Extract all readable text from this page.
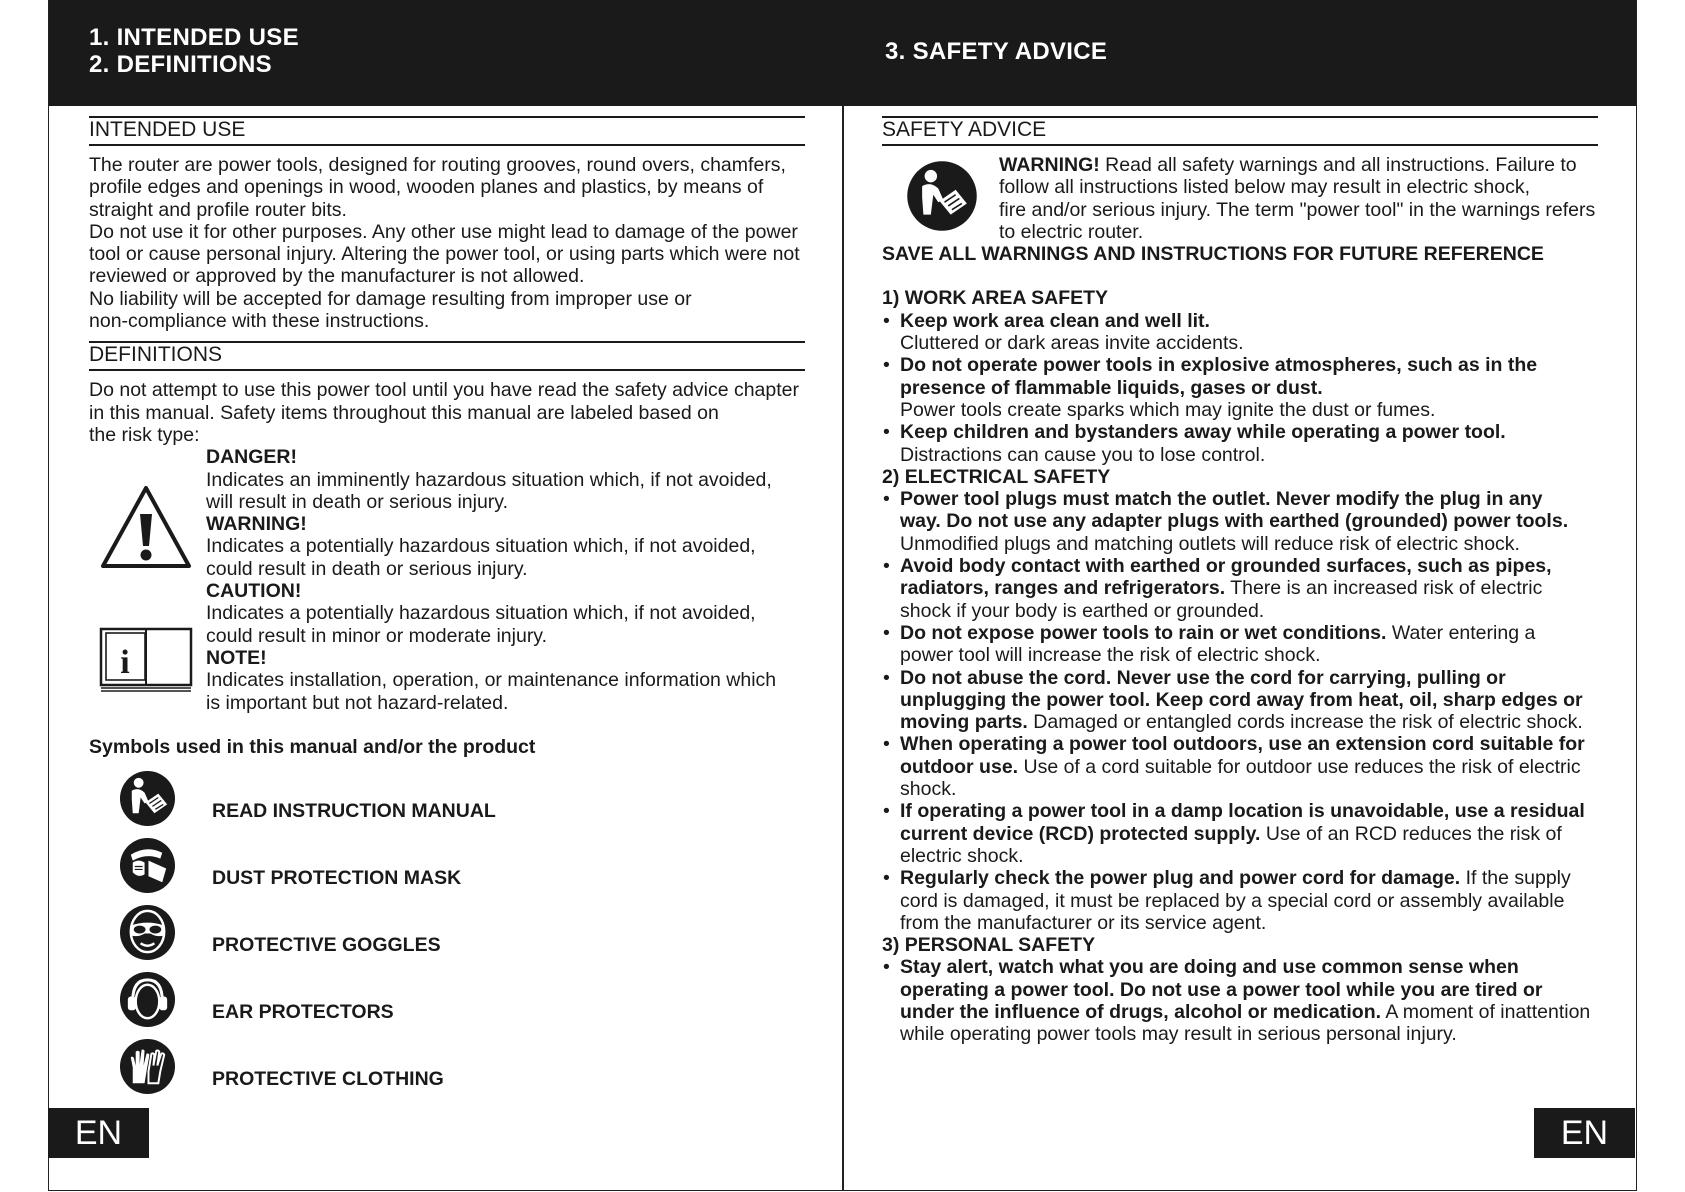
1. INTENDED USE
2. DEFINITIONS	3. SAFETY ADVICE
INTENDED USE

The router are power tools, designed for routing grooves, round overs, chamfers,

profile edges and openings in wood, wooden planes and plastics, by means of

straight and profile router bits.

Do not use it for other purposes. Any other use might lead to damage of the power

tool or cause personal injury. Altering the power tool, or using parts which were not

reviewed or approved by the manufacturer is not allowed.

No liability will be accepted for damage resulting from improper use or

non-compliance with these instructions.

DEFINITIONS

Do not attempt to use this power tool until you have read the safety advice chapter

in this manual. Safety items throughout this manual are labeled based on

the risk type:

i
DANGER!
Indicates an imminently hazardous situation which, if not avoided,
will result in death or serious injury.
WARNING!
Indicates a potentially hazardous situation which, if not avoided,
could result in death or serious injury.
CAUTION!
Indicates a potentially hazardous situation which, if not avoided,
could result in minor or moderate injury.
NOTE!
Indicates installation, operation, or maintenance information which
is important but not hazard-related.
Symbols used in this manual and/or the product
READ INSTRUCTION MANUAL
DUST PROTECTION MASK
PROTECTIVE GOGGLES
EAR PROTECTORS
PROTECTIVE CLOTHING
EN
SAFETY ADVICE
WARNING! Read all safety warnings and all instructions. Failure to
follow all instructions listed below may result in electric shock,
fire and/or serious injury. The term "power tool" in the warnings refers
to electric router.
SAVE ALL WARNINGS AND INSTRUCTIONS FOR FUTURE REFERENCE
1) WORK AREA SAFETY
• Keep work area clean and well lit.
Cluttered or dark areas invite accidents.
• Do not operate power tools in explosive atmospheres, such as in the
presence of flammable liquids, gases or dust.
Power tools create sparks which may ignite the dust or fumes.
• Keep children and bystanders away while operating a power tool.
Distractions can cause you to lose control.
2) ELECTRICAL SAFETY
• Power tool plugs must match the outlet. Never modify the plug in any
way. Do not use any adapter plugs with earthed (grounded) power tools.
Unmodified plugs and matching outlets will reduce risk of electric shock.
• Avoid body contact with earthed or grounded surfaces, such as pipes,
radiators, ranges and refrigerators. There is an increased risk of electric
shock if your body is earthed or grounded.
• Do not expose power tools to rain or wet conditions. Water entering a
power tool will increase the risk of electric shock.
• Do not abuse the cord. Never use the cord for carrying, pulling or
unplugging the power tool. Keep cord away from heat, oil, sharp edges or
moving parts. Damaged or entangled cords increase the risk of electric shock.
• When operating a power tool outdoors, use an extension cord suitable for
outdoor use. Use of a cord suitable for outdoor use reduces the risk of electric
shock.
• If operating a power tool in a damp location is unavoidable, use a residual
current device (RCD) protected supply. Use of an RCD reduces the risk of
electric shock.
• Regularly check the power plug and power cord for damage. If the supply
cord is damaged, it must be replaced by a special cord or assembly available
from the manufacturer or its service agent.
3) PERSONAL SAFETY
• Stay alert, watch what you are doing and use common sense when
operating a power tool. Do not use a power tool while you are tired or
under the influence of drugs, alcohol or medication. A moment of inattention
while operating power tools may result in serious personal injury.
EN
